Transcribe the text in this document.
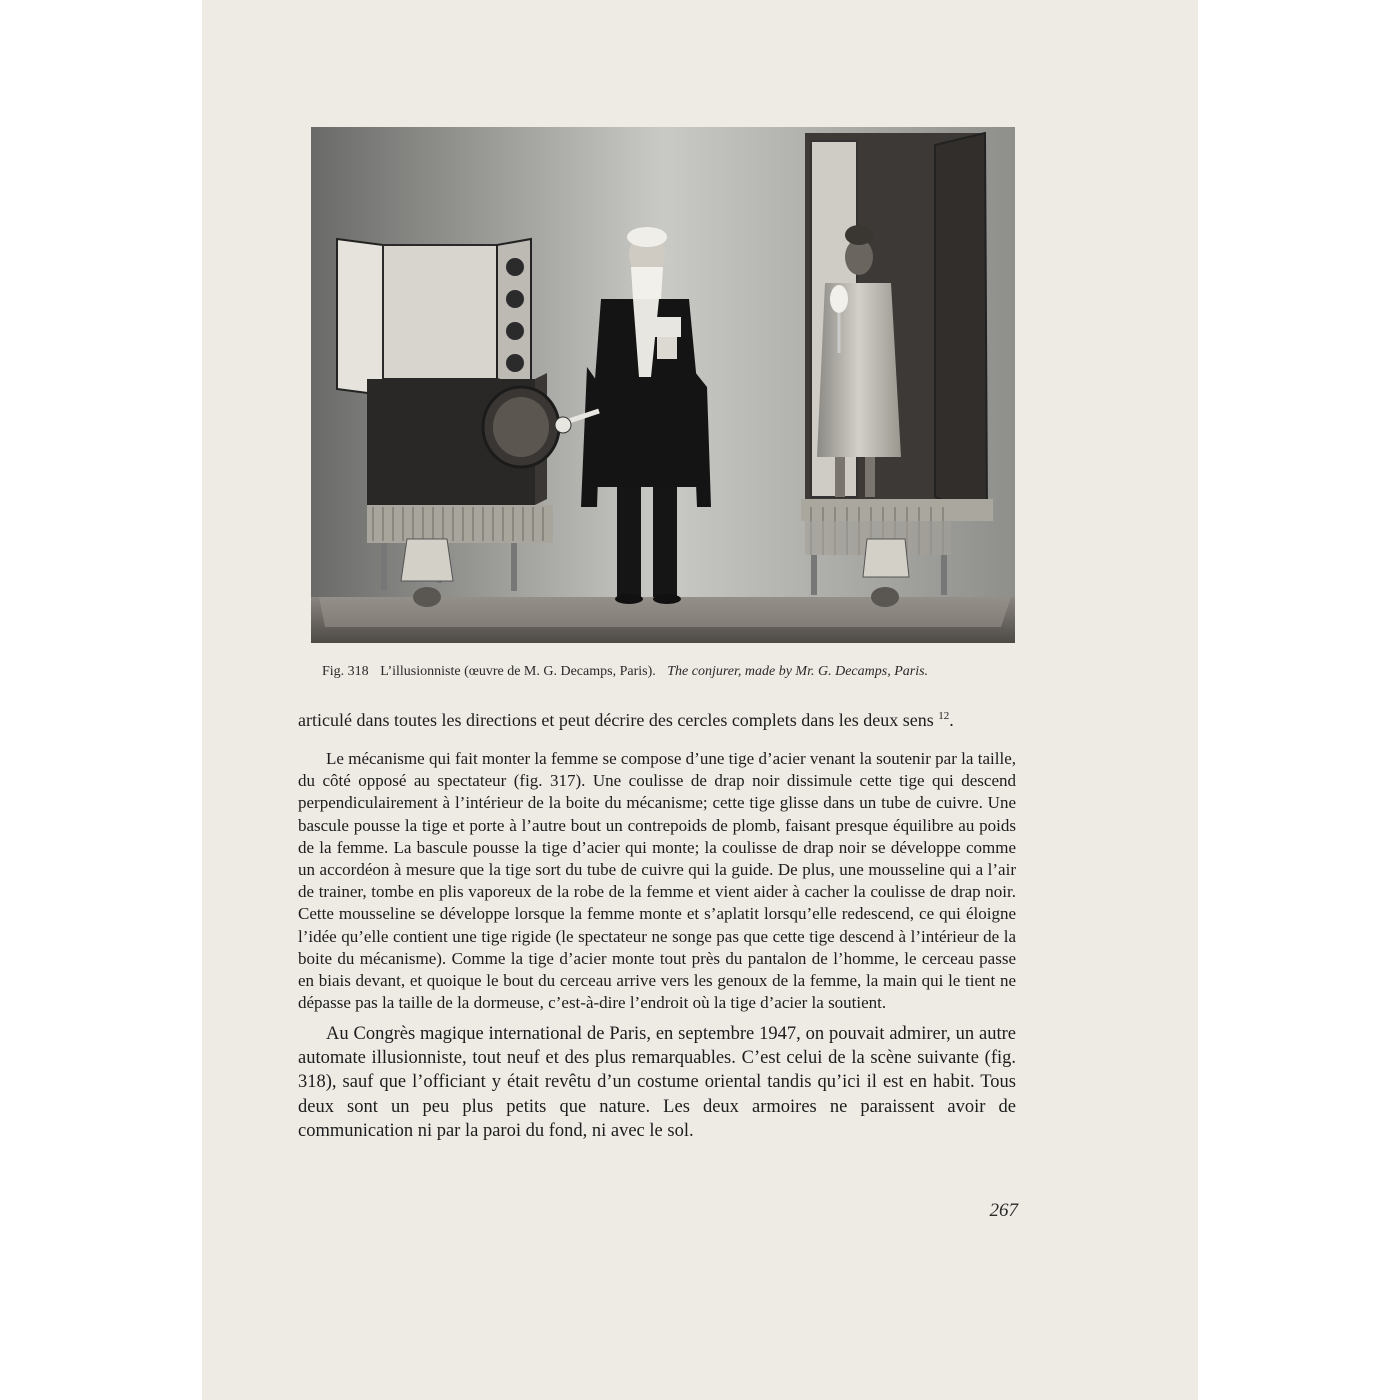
Fig. 318 L’illusionniste (œuvre de M. G. Decamps, Paris). The conjurer, made by Mr. G. Decamps, Paris.
articulé dans toutes les directions et peut décrire des cercles complets dans les deux sens $^{12}$.
Le mécanisme qui fait monter la femme se compose d’une tige d’acier venant la soutenir par la taille, du côté opposé au spectateur (fig. 317). Une coulisse de drap noir dissimule cette tige qui descend perpendiculairement à l’intérieur de la boite du mécanisme; cette tige glisse dans un tube de cuivre. Une bascule pousse la tige et porte à l’autre bout un contrepoids de plomb, faisant presque équilibre au poids de la femme. La bascule pousse la tige d’acier qui monte; la coulisse de drap noir se développe comme un accordéon à mesure que la tige sort du tube de cuivre qui la guide. De plus, une mousseline qui a l’air de trainer, tombe en plis vaporeux de la robe de la femme et vient aider à cacher la coulisse de drap noir. Cette mousseline se développe lorsque la femme monte et s’aplatit lorsqu’elle redescend, ce qui éloigne l’idée qu’elle contient une tige rigide (le spectateur ne songe pas que cette tige descend à l’intérieur de la boite du mécanisme). Comme la tige d’acier monte tout près du pantalon de l’homme, le cerceau passe en biais devant, et quoique le bout du cerceau arrive vers les genoux de la femme, la main qui le tient ne dépasse pas la taille de la dormeuse, c’est-à-dire l’endroit où la tige d’acier la soutient.
Au Congrès magique international de Paris, en septembre 1947, on pouvait admirer, un autre automate illusionniste, tout neuf et des plus remarquables. C’est celui de la scène suivante (fig. 318), sauf que l’officiant y était revêtu d’un costume oriental tandis qu’ici il est en habit. Tous deux sont un peu plus petits que nature. Les deux armoires ne paraissent avoir de communication ni par la paroi du fond, ni avec le sol.
267
